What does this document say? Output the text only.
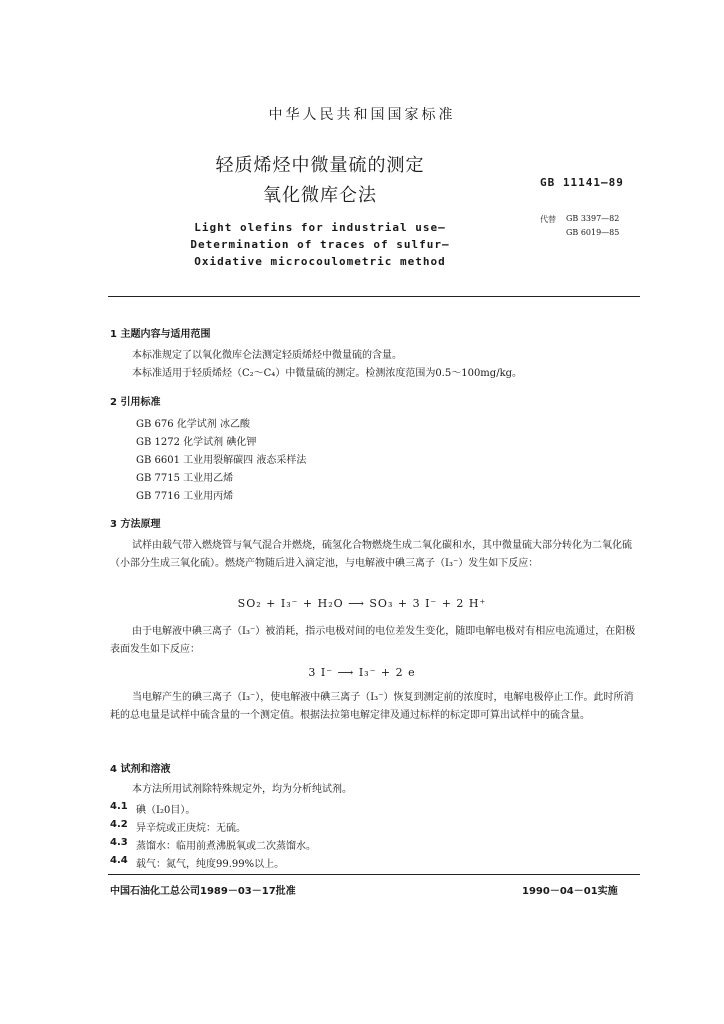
中华人民共和国国家标准
轻质烯烃中微量硫的测定
氧化微库仑法
GB 11141—89
代替 GB 3397—82
GB 6019—85
Light olefins for industrial use—
Determination of traces of sulfur—
Oxidative microcoulometric method
1 主题内容与适用范围
本标准规定了以氧化微库仑法测定轻质烯烃中微量硫的含量。
本标准适用于轻质烯烃（C₂～C₄）中微量硫的测定。检测浓度范围为0.5～100mg/kg。
2 引用标准
GB 676 化学试剂 冰乙酸
GB 1272 化学试剂 碘化钾
GB 6601 工业用裂解碳四 液态采样法
GB 7715 工业用乙烯
GB 7716 工业用丙烯
3 方法原理
试样由载气带入燃烧管与氧气混合并燃烧，硫氢化合物燃烧生成二氧化碳和水，其中微量硫大部分转化为二氧化硫（小部分生成三氧化硫）。燃烧产物随后进入滴定池，与电解液中碘三离子（I₃⁻）发生如下反应：
SO₂ + I₃⁻ + H₂O ⟶ SO₃ + 3 I⁻ + 2 H⁺
由于电解液中碘三离子（I₃⁻）被消耗，指示电极对间的电位差发生变化，随即电解电极对有相应电流通过，在阳极表面发生如下反应：
3 I⁻ ⟶ I₃⁻ + 2 e
当电解产生的碘三离子（I₃⁻），使电解液中碘三离子（I₃⁻）恢复到测定前的浓度时，电解电极停止工作。此时所消耗的总电量是试样中硫含量的一个测定值。根据法拉第电解定律及通过标样的标定即可算出试样中的硫含量。
4 试剂和溶液
本方法所用试剂除特殊规定外，均为分析纯试剂。
4.1 碘（I₂0目）。
4.2 异辛烷或正庚烷：无硫。
4.3 蒸馏水：临用前煮沸脱氧或二次蒸馏水。
4.4 载气：氮气，纯度99.99%以上。
中国石油化工总公司1989－03－17批准	1990－04－01实施
